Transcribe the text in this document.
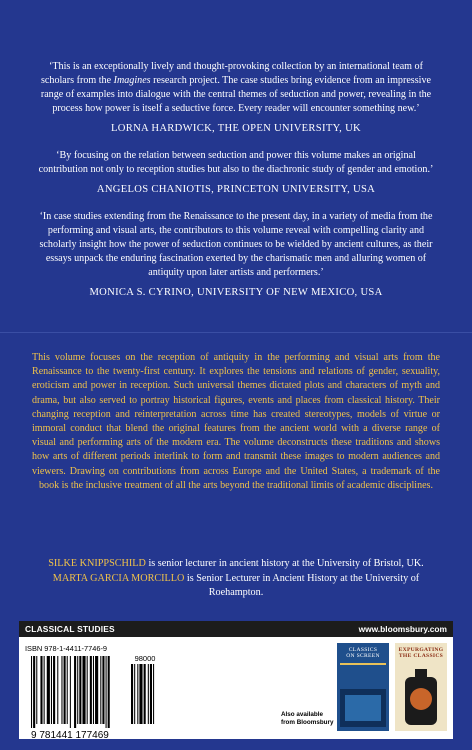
‘This is an exceptionally lively and thought-provoking collection by an international team of scholars from the Imagines research project. The case studies bring evidence from an impressive range of examples into dialogue with the central themes of seduction and power, revealing in the process how power is itself a seductive force. Every reader will encounter something new.’

LORNA HARDWICK, THE OPEN UNIVERSITY, UK

‘By focusing on the relation between seduction and power this volume makes an original contribution not only to reception studies but also to the diachronic study of gender and emotion.’

ANGELOS CHANIOTIS, PRINCETON UNIVERSITY, USA

‘In case studies extending from the Renaissance to the present day, in a variety of media from the performing and visual arts, the contributors to this volume reveal with compelling clarity and scholarly insight how the power of seduction continues to be wielded by ancient cultures, as their essays unpack the enduring fascination exerted by the charismatic men and alluring women of antiquity upon later artists and performers.’

MONICA S. CYRINO, UNIVERSITY OF NEW MEXICO, USA

This volume focuses on the reception of antiquity in the performing and visual arts from the Renaissance to the twenty-first century. It explores the tensions and relations of gender, sexuality, eroticism and power in reception. Such universal themes dictated plots and characters of myth and drama, but also served to portray historical figures, events and places from classical history. Their changing reception and reinterpretation across time has created stereotypes, models of virtue or immoral conduct that blend the original features from the ancient world with a diverse range of visual and performing arts of the modern era. The volume deconstructs these traditions and shows how arts of different periods interlink to form and transmit these images to modern audiences and viewers. Drawing on contributions from across Europe and the United States, a trademark of the book is the inclusive treatment of all the arts beyond the traditional limits of academic disciplines.

SILKE KNIPPSCHILD is senior lecturer in ancient history at the University of Bristol, UK. MARTA GARCIA MORCILLO is Senior Lecturer in Ancient History at the University of Roehampton.

CLASSICAL STUDIES	www.bloomsbury.com
ISBN 978-1-4411-7746-9
98000
9 781441 177469
Also available
from Bloomsbury
CLASSICS
ON SCREEN
EXPURGATING
THE CLASSICS
